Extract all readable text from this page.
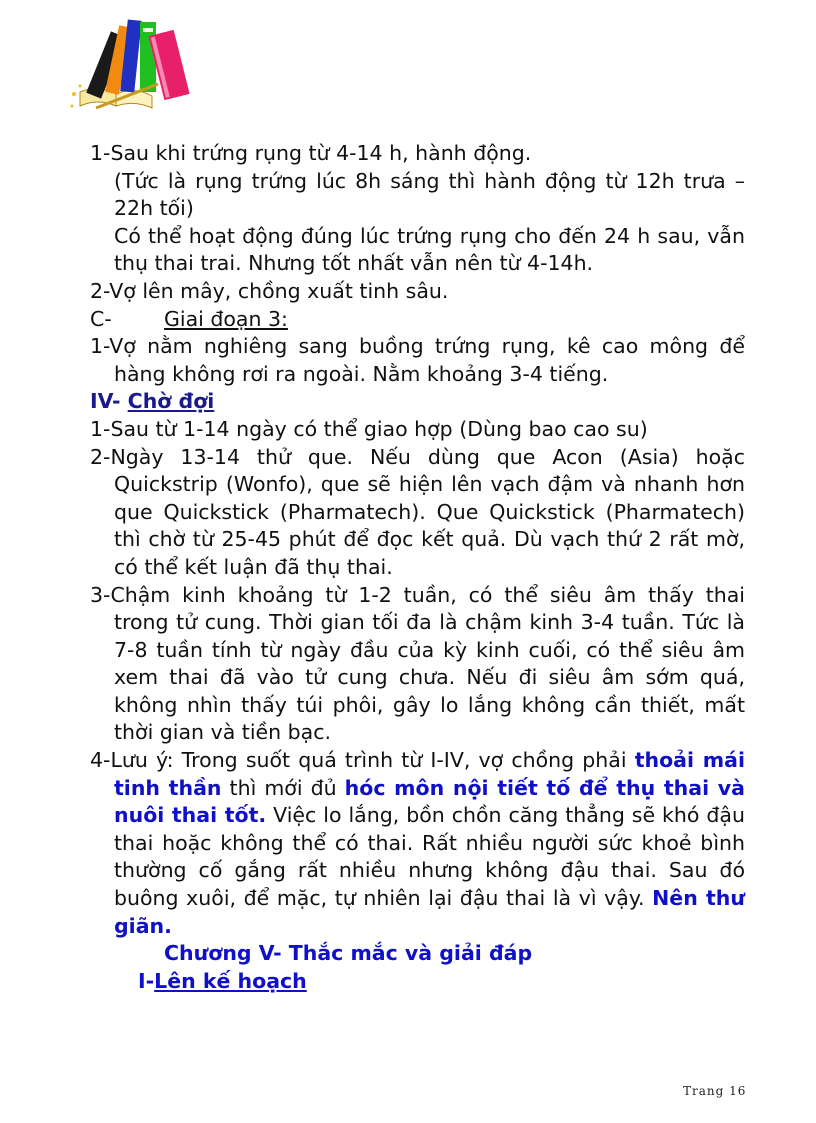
1-Sau khi trứng rụng từ 4-14 h, hành động.

(Tức là rụng trứng lúc 8h sáng thì hành động từ 12h trưa – 22h tối)

Có thể hoạt động đúng lúc trứng rụng cho đến 24 h sau, vẫn thụ thai trai. Nhưng tốt nhất vẫn nên từ 4-14h.

2-Vợ lên mây, chồng xuất tinh sâu.

C-	Giai đoạn 3:

1-Vợ nằm nghiêng sang buồng trứng rụng, kê cao mông để hàng không rơi ra ngoài. Nằm khoảng 3-4 tiếng.

IV- Chờ đợi

1-Sau từ 1-14 ngày có thể giao hợp (Dùng bao cao su)

2-Ngày 13-14 thử que. Nếu dùng que Acon (Asia) hoặc Quickstrip (Wonfo), que sẽ hiện lên vạch đậm và nhanh hơn que Quickstick (Pharmatech). Que Quickstick (Pharmatech) thì chờ từ 25-45 phút để đọc kết quả. Dù vạch thứ 2 rất mờ, có thể kết luận đã thụ thai.

3-Chậm kinh khoảng từ 1-2 tuần, có thể siêu âm thấy thai trong tử cung. Thời gian tối đa là chậm kinh 3-4 tuần. Tức là 7-8 tuần tính từ ngày đầu của kỳ kinh cuối, có thể siêu âm xem thai đã vào tử cung chưa. Nếu đi siêu âm sớm quá, không nhìn thấy túi phôi, gây lo lắng không cần thiết, mất thời gian và tiền bạc.

4-Lưu ý: Trong suốt quá trình từ I-IV, vợ chồng phải thoải mái tinh thần thì mới đủ hóc môn nội tiết tố để thụ thai và nuôi thai tốt. Việc lo lắng, bồn chồn căng thẳng sẽ khó đậu thai hoặc không thể có thai. Rất nhiều người sức khoẻ bình thường cố gắng rất nhiều nhưng không đậu thai. Sau đó buông xuôi, để mặc, tự nhiên lại đậu thai là vì vậy. Nên thư giãn.

Chương V- Thắc mắc và giải đáp
I-Lên kế hoạch
Trang 16
